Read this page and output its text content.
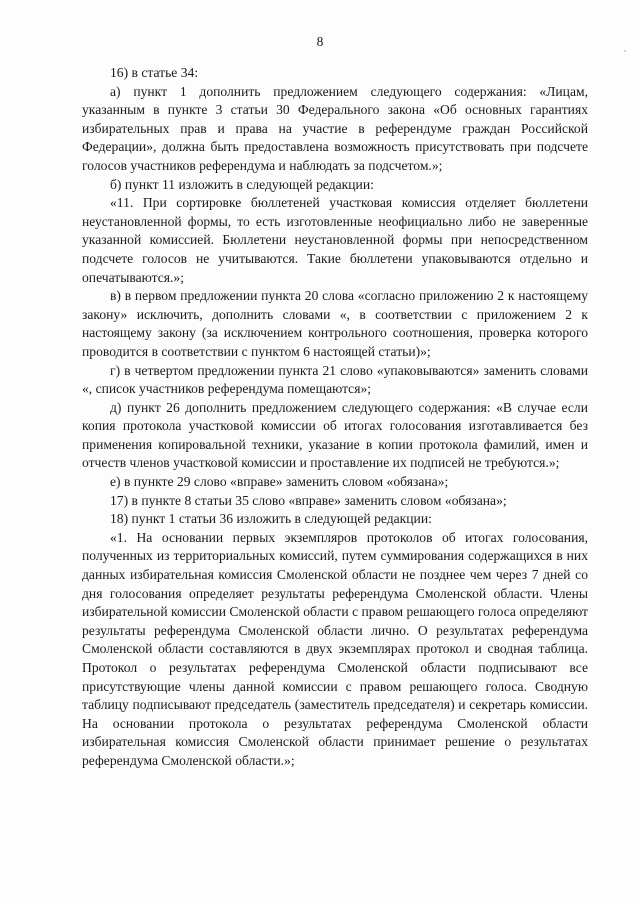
8	,

16) в статье 34:

а) пункт 1 дополнить предложением следующего содержания: «Лицам, указанным в пункте 3 статьи 30 Федерального закона «Об основных гарантиях избирательных прав и права на участие в референдуме граждан Российской Федерации», должна быть предоставлена возможность присутствовать при подсчете голосов участников референдума и наблюдать за подсчетом.»;

б) пункт 11 изложить в следующей редакции:

«11. При сортировке бюллетеней участковая комиссия отделяет бюллетени неустановленной формы, то есть изготовленные неофициально либо не заверенные указанной комиссией. Бюллетени неустановленной формы при непосредственном подсчете голосов не учитываются. Такие бюллетени упаковываются отдельно и опечатываются.»;

в) в первом предложении пункта 20 слова «согласно приложению 2 к настоящему закону» исключить, дополнить словами «, в соответствии с приложением 2 к настоящему закону (за исключением контрольного соотношения, проверка которого проводится в соответствии с пунктом 6 настоящей статьи)»;

г) в четвертом предложении пункта 21 слово «упаковываются» заменить словами «, список участников референдума помещаются»;

д) пункт 26 дополнить предложением следующего содержания: «В случае если копия протокола участковой комиссии об итогах голосования изготавливается без применения копировальной техники, указание в копии протокола фамилий, имен и отчеств членов участковой комиссии и проставление их подписей не требуются.»;

е) в пункте 29 слово «вправе» заменить словом «обязана»;

17) в пункте 8 статьи 35 слово «вправе» заменить словом «обязана»;

18) пункт 1 статьи 36 изложить в следующей редакции:

«1. На основании первых экземпляров протоколов об итогах голосования, полученных из территориальных комиссий, путем суммирования содержащихся в них данных избирательная комиссия Смоленской области не позднее чем через 7 дней со дня голосования определяет результаты референдума Смоленской области. Члены избирательной комиссии Смоленской области с правом решающего голоса определяют результаты референдума Смоленской области лично. О результатах референдума Смоленской области составляются в двух экземплярах протокол и сводная таблица. Протокол о результатах референдума Смоленской области подписывают все присутствующие члены данной комиссии с правом решающего голоса. Сводную таблицу подписывают председатель (заместитель председателя) и секретарь комиссии. На основании протокола о результатах референдума Смоленской области избирательная комиссия Смоленской области принимает решение о результатах референдума Смоленской области.»;
